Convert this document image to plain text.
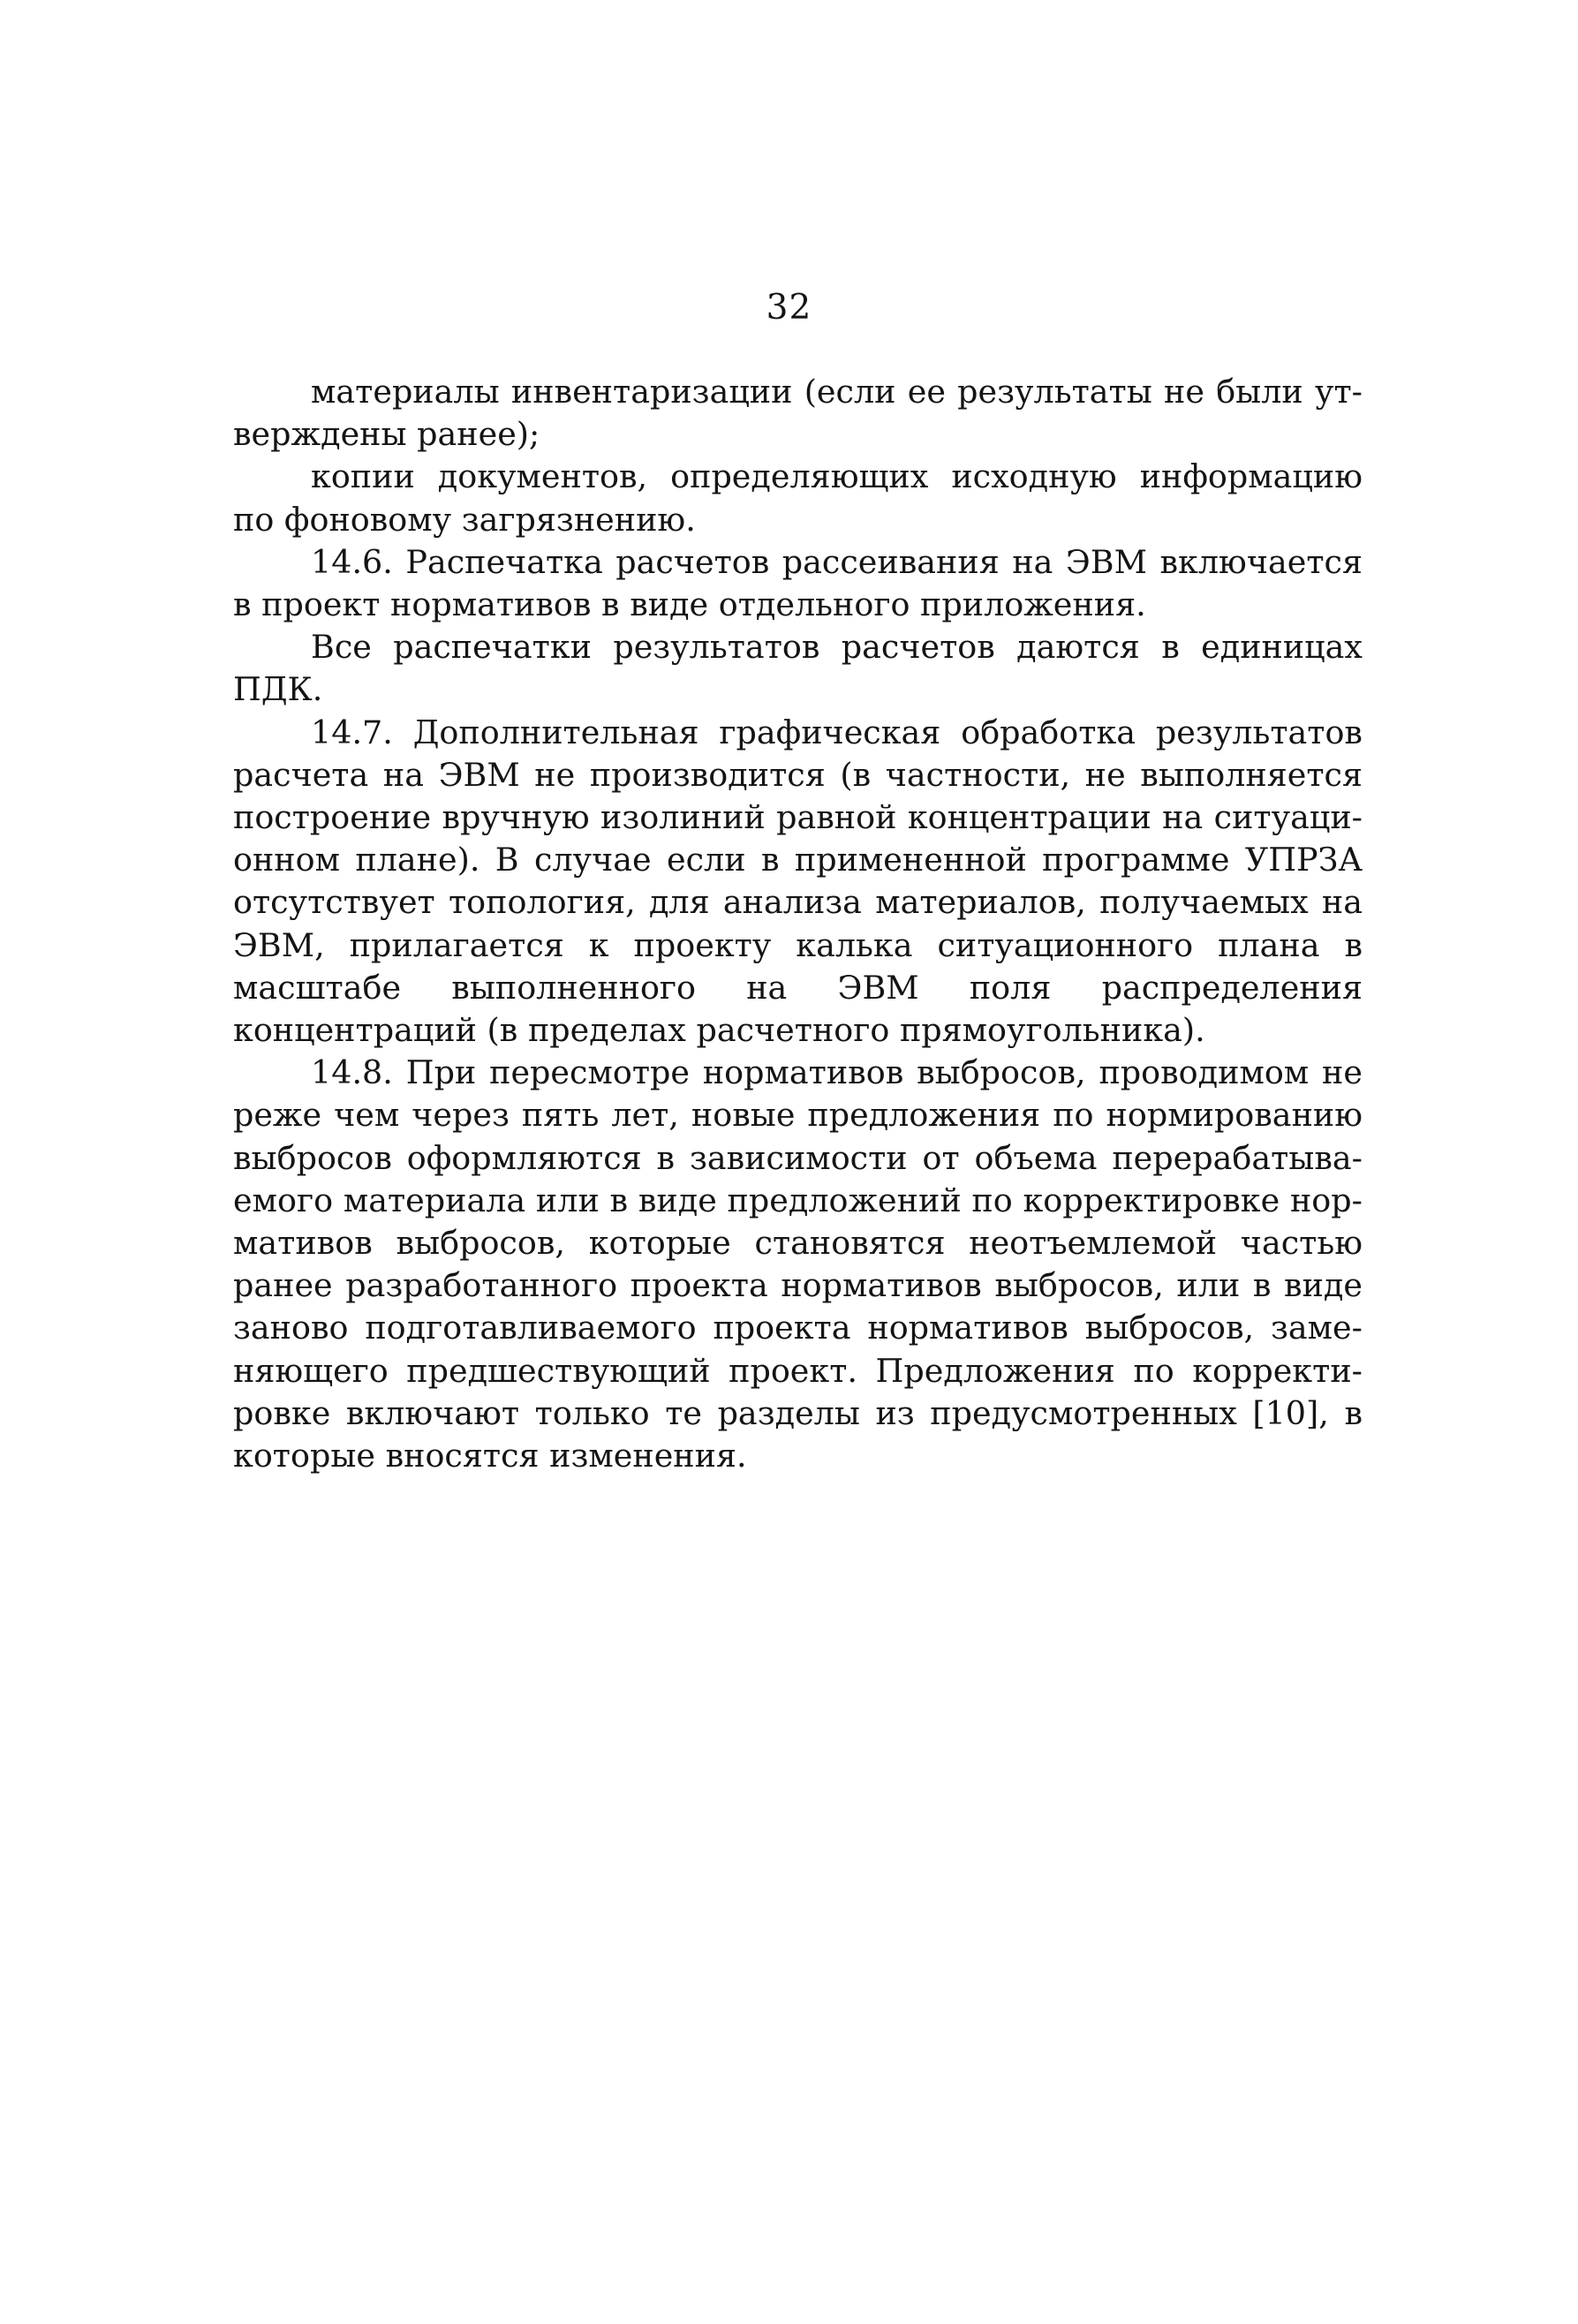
32

материалы инвентаризации (если ее результаты не были утверждены ранее);

копии документов, определяющих исходную информацию по фоновому загрязнению.

14.6. Распечатка расчетов рассеивания на ЭВМ включается в проект нормативов в виде отдельного приложения.

Все распечатки результатов расчетов даются в единицах ПДК.

14.7. Дополнительная графическая обработка результатов расчета на ЭВМ не производится (в частности, не выполняется построение вручную изолиний равной концентрации на ситуационном плане). В случае если в примененной программе УПРЗА отсутствует топология, для анализа материалов, получаемых на ЭВМ, прилагается к проекту калька ситуационного плана в масштабе выполненного на ЭВМ поля распределения концентраций (в пределах расчетного прямоугольника).

14.8. При пересмотре нормативов выбросов, проводимом не реже чем через пять лет, новые предложения по нормированию выбросов оформляются в зависимости от объема перерабатываемого материала или в виде предложений по корректировке нормативов выбросов, которые становятся неотъемлемой частью ранее разработанного проекта нормативов выбросов, или в виде заново подготавливаемого проекта нормативов выбросов, заменяющего предшествующий проект. Предложения по корректировке включают только те разделы из предусмотренных [10], в которые вносятся изменения.
